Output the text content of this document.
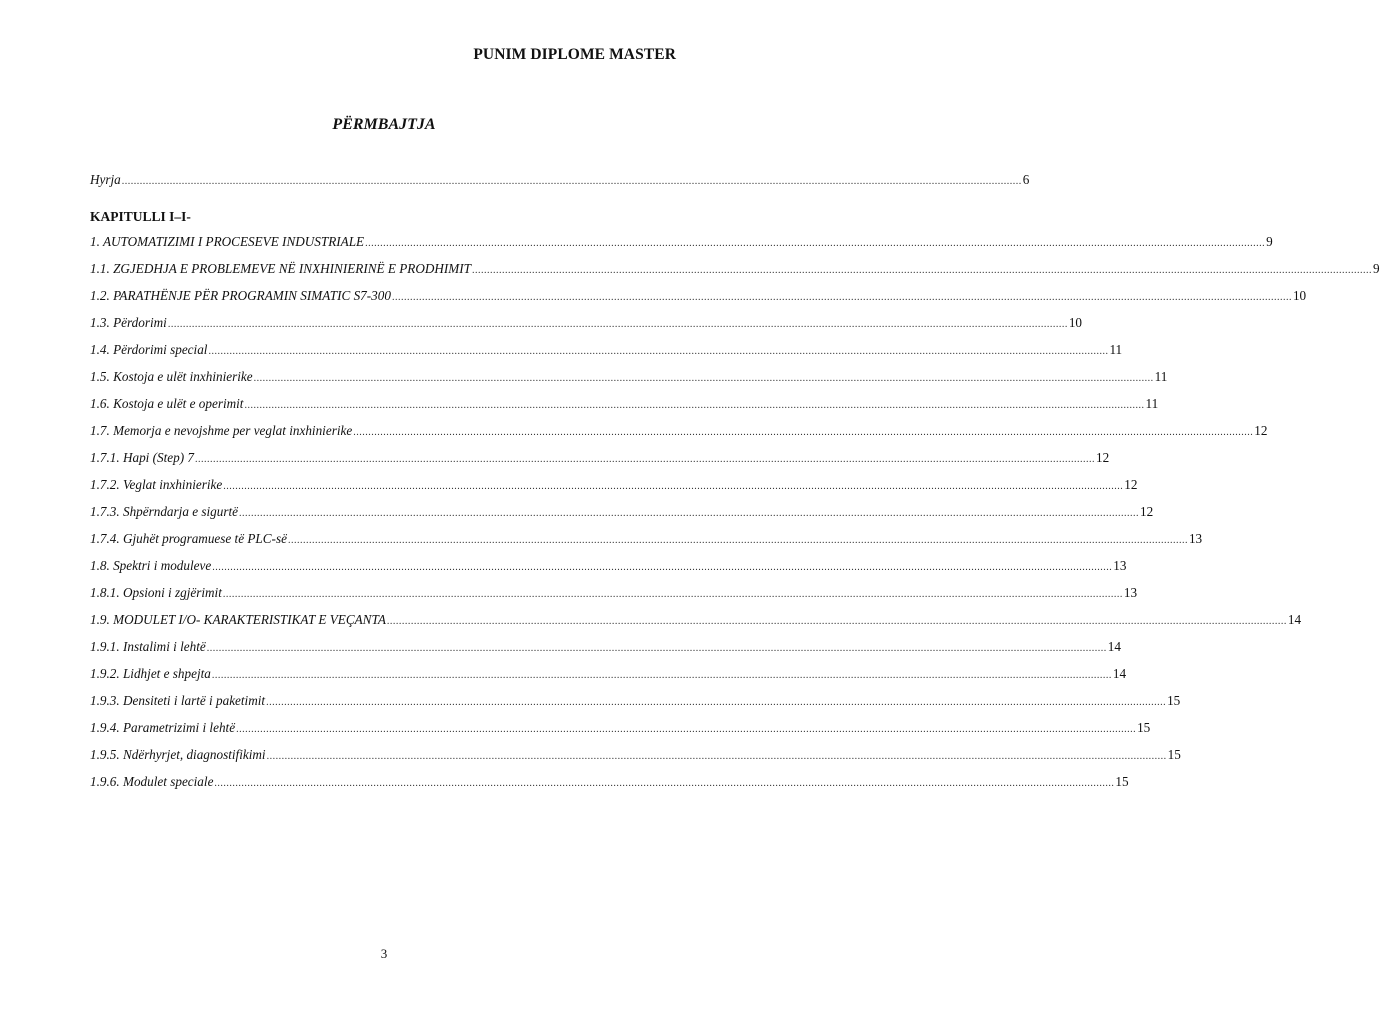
PUNIM DIPLOME MASTER
PËRMBAJTJA
Hyrja ............................................................................................................................................................................................................................................................................................................ 6
KAPITULLI I–I-
1. AUTOMATIZIMI I PROCESEVE INDUSTRIALE ............................................................................................................................................................................................................................................................................................................ 9
1.1. ZGJEDHJA E PROBLEMEVE NË INXHINIERINË E PRODHIMIT ............................................................................................................................................................................................................................................................................................................ 9
1.2. PARATHËNJE PËR PROGRAMIN SIMATIC S7-300 ............................................................................................................................................................................................................................................................................................................ 10
1.3. Përdorimi ............................................................................................................................................................................................................................................................................................................ 10
1.4. Përdorimi special ............................................................................................................................................................................................................................................................................................................ 11
1.5. Kostoja e ulët inxhinierike ............................................................................................................................................................................................................................................................................................................ 11
1.6. Kostoja e ulët e operimit ............................................................................................................................................................................................................................................................................................................ 11
1.7. Memorja e nevojshme per veglat inxhinierike ............................................................................................................................................................................................................................................................................................................ 12
1.7.1. Hapi (Step) 7 ............................................................................................................................................................................................................................................................................................................ 12
1.7.2. Veglat inxhinierike ............................................................................................................................................................................................................................................................................................................ 12
1.7.3. Shpërndarja e sigurtë ............................................................................................................................................................................................................................................................................................................ 12
1.7.4. Gjuhët programuese të PLC-së ............................................................................................................................................................................................................................................................................................................ 13
1.8. Spektri i moduleve ............................................................................................................................................................................................................................................................................................................ 13
1.8.1. Opsioni i zgjërimit ............................................................................................................................................................................................................................................................................................................ 13
1.9. MODULET I/O- KARAKTERISTIKAT E VEÇANTA ............................................................................................................................................................................................................................................................................................................ 14
1.9.1. Instalimi i lehtë ............................................................................................................................................................................................................................................................................................................ 14
1.9.2. Lidhjet e shpejta ............................................................................................................................................................................................................................................................................................................ 14
1.9.3. Densiteti i lartë i paketimit ............................................................................................................................................................................................................................................................................................................ 15
1.9.4. Parametrizimi i lehtë ............................................................................................................................................................................................................................................................................................................ 15
1.9.5. Ndërhyrjet, diagnostifikimi ............................................................................................................................................................................................................................................................................................................ 15
1.9.6. Modulet speciale ............................................................................................................................................................................................................................................................................................................ 15
3
